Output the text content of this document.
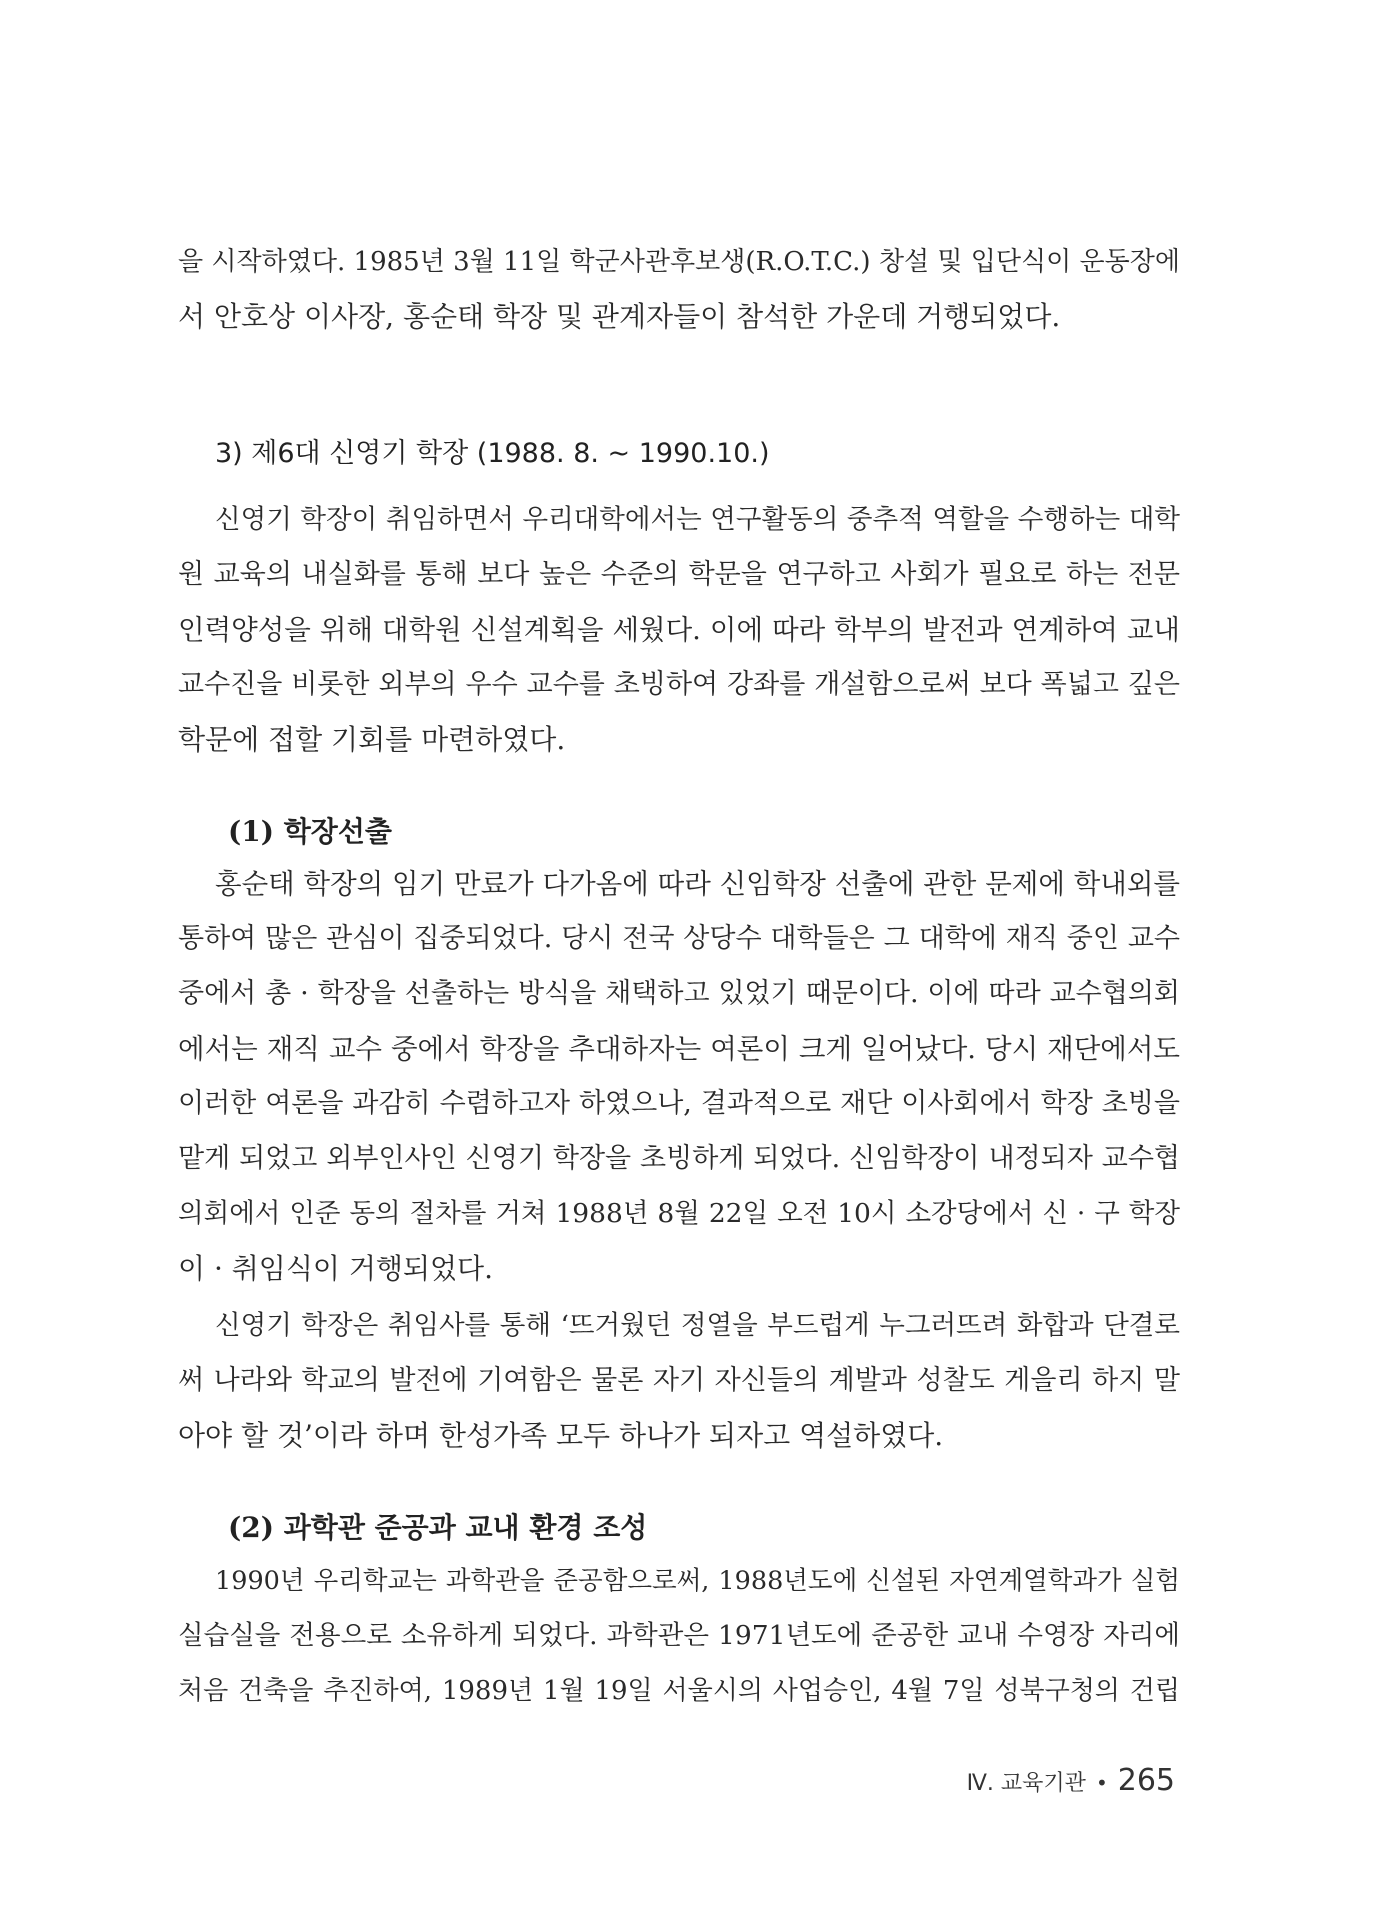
을 시작하였다. 1985년 3월 11일 학군사관후보생(R.O.T.C.) 창설 및 입단식이 운동장에
서 안호상 이사장, 홍순태 학장 및 관계자들이 참석한 가운데 거행되었다.
3) 제6대 신영기 학장 (1988. 8. ~ 1990.10.)
신영기 학장이 취임하면서 우리대학에서는 연구활동의 중추적 역할을 수행하는 대학
원 교육의 내실화를 통해 보다 높은 수준의 학문을 연구하고 사회가 필요로 하는 전문
인력양성을 위해 대학원 신설계획을 세웠다. 이에 따라 학부의 발전과 연계하여 교내
교수진을 비롯한 외부의 우수 교수를 초빙하여 강좌를 개설함으로써 보다 폭넓고 깊은
학문에 접할 기회를 마련하였다.
(1) 학장선출
홍순태 학장의 임기 만료가 다가옴에 따라 신임학장 선출에 관한 문제에 학내외를
통하여 많은 관심이 집중되었다. 당시 전국 상당수 대학들은 그 대학에 재직 중인 교수
중에서 총 · 학장을 선출하는 방식을 채택하고 있었기 때문이다. 이에 따라 교수협의회
에서는 재직 교수 중에서 학장을 추대하자는 여론이 크게 일어났다. 당시 재단에서도
이러한 여론을 과감히 수렴하고자 하였으나, 결과적으로 재단 이사회에서 학장 초빙을
맡게 되었고 외부인사인 신영기 학장을 초빙하게 되었다. 신임학장이 내정되자 교수협
의회에서 인준 동의 절차를 거쳐 1988년 8월 22일 오전 10시 소강당에서 신 · 구 학장
이 · 취임식이 거행되었다.
신영기 학장은 취임사를 통해 ‘뜨거웠던 정열을 부드럽게 누그러뜨려 화합과 단결로
써 나라와 학교의 발전에 기여함은 물론 자기 자신들의 계발과 성찰도 게을리 하지 말
아야 할 것’이라 하며 한성가족 모두 하나가 되자고 역설하였다.
(2) 과학관 준공과 교내 환경 조성
1990년 우리학교는 과학관을 준공함으로써, 1988년도에 신설된 자연계열학과가 실험
실습실을 전용으로 소유하게 되었다. 과학관은 1971년도에 준공한 교내 수영장 자리에
처음 건축을 추진하여, 1989년 1월 19일 서울시의 사업승인, 4월 7일 성북구청의 건립
Ⅳ. 교육기관 • 265
